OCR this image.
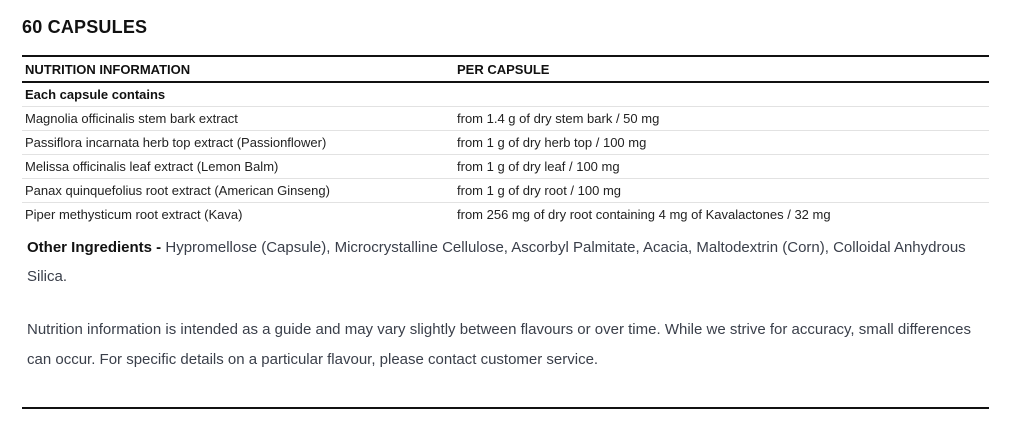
60 CAPSULES
NUTRITION INFORMATION	PER CAPSULE
Each capsule contains
Magnolia officinalis stem bark extract	from 1.4 g of dry stem bark / 50 mg
Passiflora incarnata herb top extract (Passionflower)	from 1 g of dry herb top / 100 mg
Melissa officinalis leaf extract (Lemon Balm)	from 1 g of dry leaf / 100 mg
Panax quinquefolius root extract (American Ginseng)	from 1 g of dry root / 100 mg
Piper methysticum root extract (Kava)	from 256 mg of dry root containing 4 mg of Kavalactones / 32 mg

Other Ingredients - Hypromellose (Capsule), Microcrystalline Cellulose, Ascorbyl Palmitate, Acacia, Maltodextrin (Corn), Colloidal Anhydrous Silica.

Nutrition information is intended as a guide and may vary slightly between flavours or over time. While we strive for accuracy, small differences can occur. For specific details on a particular flavour, please contact customer service.
